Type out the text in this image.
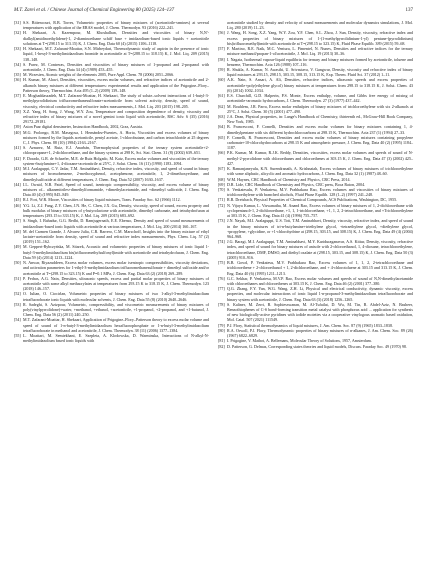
M.T. Zarei et al. / Chinese Journal of Chemical Engineering 80 (2025) 124–137	137

[31] S.S. Bittencourt, R.B. Torres, Volumetric properties of binary mixtures of (acetonitrile+amines) at several temperatures with application of the ERAS model, J. Chem. Thermodyn. 93 (2016) 222–241.

[32] H. Shekaari, A. Kazempour, M. Khoshalhan, Densities and viscosities of binary N,N′-dialkyl(amidinoethylidene)-1, 2-diaminoethane schiff base + imidazolium-based ionic liquids + acetonitrile solutions at T=(298.15 to 313.15) K, J. Chem. Eng. Data 60 (4) (2015) 1106–1118.

[33] H. Shekaari, M.T. Zafarani-Moattar, S.N. Mirheydari, Thermodynamic study of aspirin in the presence of ionic liquid, 1-hexyl-3-methylimidazolium bromide in acetonitrile at T=(288.15 to 318.15) K, J. Mol. Liq. 209 (2015) 138–148.

[34] S. Parez, M. Contreras, Densities and viscosities of binary mixtures of 1-propanol and 2-propanol with acetonitrile, J. Chem. Eng. Data 34 (4) (1989) 453–455.

[35] M. Wrzesien, Atomic weights of the elements 2005, Pure Appl. Chem. 78 (2006) 2051–2066.

[36] H. Kumar, M. Alawi, Densities, viscosities, excess molar volumes, and refractive indices of acetonitrile and 2-alkanols binary mixtures at different temperatures: experimental results and application of the Prigogine–Flory–Patterson theory, Thermochim. Acta 495 (1–2) (2009) 139–148.

[37] E. Moghaddaszadeh, M.T. Zafarani-Moattar, H. Shekaari, The study of solute–solvent interactions of 1-butyl-3-methylpyrrolidinium trifluoromethanesulfonate+acetonitrile from solvent activity, density, speed of sound, viscosity, electrical conductivity and refractive index measurements, J. Mol. Liq. 203 (2015) 198–205.

[38] X.Z. Yang, H. Song, J. Wang, W.Y. Zou, Temperature and composition dependence of density, viscosity and refractive index of binary mixtures of a novel gemini ionic liquid with acetonitrile, RSC Adv. 6 (35) (2016) 29172–29181.

[39] Aston Paar digital densimeter, Instruction Handbook, 2002, Graz, Austria.

[40] M.G. Prolongo, R.M. Masegosa, I. Hernández-Fuentes, A. Horta, Viscosities and excess volumes of binary mixtures formed by the liquids acetonitrile, pentyl acetate, 1-chlorobutane, and carbon tetrachloride at 25 degrees C, J. Phys. Chem. 88 (10) (1984) 2163–2167.

[41] S. Aznarez, M. Ruiz, E.J. Anarbán, Thermophysical properties of the ternary system acetonitrile+2-chloropropane+1, 2-dichloroethane, and the binary systems at 298 K, Sci. Stat. Chem. 31 (8) (2002) 639–651.

[42] F. Dorado, G.R. de Schaefer, M.E. de Ruiz Holgado, M. Katz, Excess molar volumes and viscosities of the ternary system+butylamine+1, 4-dioxane+acetonitrile at 25°C, J. Solut. Chem. 16 (11) (1990) 1183–1094.

[43] M.I. Aralaguppi, C.V. Jadar, T.M. Aminabhavi, Density, refractive index, viscosity, and speed of sound in binary mixtures of bromobenzene, 2-methoxyphenol, acetophenone, acetonitrile, 1, 2-dimethoxyethane, and dimethylsulfoxide at different temperatures, J. Chem. Eng. Data 52 (2007) 1630–1637.

[44] I.L. Owaid, N.B. Patel, Speed of sound, isentropic compressibility, viscosity, and excess volume of binary mixtures of... alkanenitriles+dimethylformamide, +dimethylacetamide, and +dimethyl sulfoxide, J. Chem. Eng. Data 40 (4) (1995) 845–849.

[45] R.J. Fort, W.R. Moore, Viscosities of binary liquid mixtures, Trans. Faraday Soc. 62 (1966) 1112.

[46] Y.G. Li, Z.J. Fang, Z.Y. Chen, J.N. He, C. Chen, J.X. Gu, Density, viscosity, speed of sound, excess property and bulk modulus of binary mixtures of γ-butyrolactone with acetonitrile, dimethyl carbonate, and tetrahydrofuran at temperatures (293.15 to 333.15) K, J. Mol. Liq. 209 (2015) 683–692.

[47] S. Singh, I. Bahadur, G.G. Redhi, D. Ramjugernath, E.E. Ebenso, Density and speed of sound measurements of imidazolium-based ionic liquids with acetonitrile at various temperatures, J. Mol. Liq. 200 (2014) 160–167.

[48] M. del Carmen Grande, J. Alvarez Julia, C.R. Barrero, C.M. Marschoff, Insights into the binary mixture of ethyl lactate+acetonitrile from density, speed of sound and refractive index measurements, Phys. Chem. Liq. 57 (2) (2019) 151–162.

[49] M. Geppert-Rybczyńska, M. Sitarek, Acoustic and volumetric properties of binary mixtures of ionic liquid 1-butyl-3-methylimidazolium bis(trifluoromethylsulfonyl)imide with acetonitrile and tetrahydrofuran, J. Chem. Eng. Data 59 (4) (2014) 1213–1224.

[50] N. Anwar, Riyazuddeen, Excess molar volumes, excess molar isentropic compressibilities, viscosity deviations, and activation parameters for 1-ethyl-3-methylimidazolium trifluoromethanesulfonate + dimethyl sulfoxide and/or acetonitrile at T=(298.15 to 323.15) K and P=0.1 MPa, J. Chem. Eng. Data 63 (2) (2018) 269–289.

[51] P. Fedras, A.G. Nain, Densities, ultrasonic speeds, excess and partial molar properties of binary mixtures of acetonitrile with some alkyl methacrylates at temperatures from 293.15 K to 318.15 K, J. Chem. Thermodyn. 123 (2018) 146–157.

[52] O. Iulian, O. Ciocirlan, Volumetric properties of binary mixtures of two 1-alkyl-3-methylimidazolium tetrafluoroborate ionic liquids with molecular solvents, J. Chem. Eng. Data 55 (8) (2010) 2640–2646.

[53] R. Sadeghi, S. Azizpour, Volumetric, compressibility, and viscometric measurements of binary mixtures of poly(vinylpyrrolidone)+water, +methanol, +ethanol, +acetonitrile, +1-propanol, +2-propanol, and +1-butanol, J. Chem. Eng. Data 56 (2) (2011) 240–250.

[54] M.T. Zafarani-Moattar, H. Shekaari, Application of Prigogine–Flory–Patterson theory to excess molar volume and speed of sound of 1-n-butyl-3-methylimidazolium hexafluorophosphate or 1-n-butyl-3-methylimidazolium tetrafluoroborate in methanol and acetonitrile, J. Chem. Thermodyn. 38 (11) (2006) 1377–1384.

[55] L. Moattari, M. Semiekhani, E. Szepleta, A. Klodowska, D. Warminska, Interactions of N-alkyl-N-methylimidazolium based ionic liquids with

acetonitrile studied by density and velocity of sound measurements and molecular dynamics simulations, J. Mol. Liq. 280 (2019) 11–23.

[56] J. Wang, H. Song, X.Z. Yang, W.Y. Zou, Y.F. Chen, S.L. Zhou, J. Sun, Density, viscosity, refractive index and excess properties of binary mixtures of 1-(1-methylpyrrolidinium-1-yl) pentane-(pyrrolidinium) bis(trifluoromethyl)imide with acetonitrile at T=(298.15 to 323.15) K, Fluid Phase Equilib. 389 (2015) 59–68.

[57] F. Martino, R.E. Naik, M.C. Ventura, L. Pimentel, N. Nunes, Densities and refractive indices for the ternary mixture methanol/propan-1-ol/acetonitrile, J. Mol. Liq. 19 (2013) 30–36.

[58] I. Nagata, Isothermal vapour-liquid equilibria for ternary and binary mixtures formed by acetonitrile, toluene and benzene, Thermochim. Acta 126 (1988) 107–116.

[59] R. Shukla, A. Kumar, N. Awasthi, U. Srivastava, V. Gangwar, Density, viscosity and refractive index of binary liquid mixtures at 293.15, 298.15, 303.15, 308.15, 313.15 K, Exp. Therm. Fluid Sci. 37 (2012) 1–11.

[60] A.K. Nain, S. Ansari, A. Ali, Densities, refractive indices, ultrasonic speeds and excess properties of acetonitrile+poly(ethylene glycol) binary mixtures at temperatures from 298.15 to 318.15 K, J. Solut. Chem. 43 (6) (2014) 1002–1034.

[61] E.S. Churchill, G.D. Halperin, P.S. Monte, Excess enthalpy, volume, and Gibbs free energy of mixing of acetonitrile+aromatic hydrocarbons, J. Chem. Thermodyn. 27 (3) (1977) 437–442.

[62] M. Bouhlem, J.R. Parra, Excess molar enthalpies of binary mixtures of trichloroethylene with six 2-alkanols at 25°C, J. Solut. Chem. 30 (5) (2001) 477–490.

[63] J.A. Dean, Physical properties, in: Lange's Handbook of Chemistry, thirteenth ed., McGraw-Hill Book Company, New York, 1985.

[64] B. Francesconi, F. Comelli, Densities and excess molar volumes for binary mixtures containing 1, 4-dimethylpentane with six different hydrochlorocarbons at 298.15 K, Thermochim. Acta 237 (1) (1994) 27–33.

[65] F. Comelli, R. Francesconi, Densities and excess molar volumes of binary mixtures containing propylene carbonate+10-chlorohydrocarbons at 298.15 K and atmospheric pressure, J. Chem. Eng. Data 40 (2) (1995) 1184–1187.

[66] P.K. Kumar, M. Kumar, R.J.K. Reddy, Densities, viscosities, excess molar volumes and speeds of sound of N-methyl-2-pyrrolidone with chloroethanes and chloroethenes at 303.15 K, J. Chem. Eng. Data 47 (3) (2002) 425–427.

[67] K. Ramanjaneyulu, K.N. Surendranath, A. Krishnaiah, Excess volumes of binary mixtures of trichloroethylene with some aliphatic, alicyclic and aromatic hydrocarbons, J. Chem. Eng. Data 32 (1) (1987) 48–60.

[68] W.M. Haynes, CRC Handbook of Chemistry and Physics, CRC Press, 2014.

[69] D.R. Lide, CRC Handbook of Chemistry and Physics, CRC press, Boca Raton, 2004.

[70] S. Venkatesulu, P. Venkatesu, M.V. Prabhakara Rao, Excess volumes and viscosities of binary mixtures of trichloroethylene with branched alcohols, Fluid Phase Equilib. 128 (1–2) (1997) 241–248.

[71] R.R. Dreisbach, Physical Properties of Chemical Compounds, ACS Publications, Washington, DC, 1955.

[72] N. Vijaya Kumar, L. Viswanatha, M. Anand Rao, Excess volumes of binary mixtures of 1, 2-dichloroethane with cyclopentanol+1, 2-dichloroethane, +1, 1, 1-trichloroethane, +1, 1, 2, 2-tetrachloroethane, and +Trichloroethylene at 303.15 K, J. Chem. Eng. Data 41 (4) (1996) 755–757.

[73] J.N. Nayak, M.I. Aralaguppi, U.S. Toti, T.M. Aminabhavi, Density, viscosity, refractive index, and speed of sound in the binary mixtures of tri-n-butylamine+triethylene glycol, +tetraethylene glycol, +diethylene glycol, +propylene, +glycidine, or +1-chlorohydrine at (298.15, 303.15, and 308.15) K, J. Chem. Eng. Data 49 (4) (2004) 964–968.

[74] J.G. Baragi, M.I. Aralaguppi, T.M. Aminabhavi, M.Y. Kariduraganavar, A.S. Kittur, Density, viscosity, refractive index, and speed of sound for binary mixtures of anisole with 2-chloroethanol, 1, 4-dioxane, tetrachloroethylene, tetrachloroethane, DMF, DMSO, and diethyl oxalate at (298.15, 303.15, and 308.15) K, J. Chem. Eng. Data 50 (3) (2005) 910–916.

[75] B.B. Gowd, P. Venkatesu, M.V. Prabhakara Rao, Excess volumes of 1, 1, 2, 2-tetrachloroethane and trichloroethene + 2-chloroethanol + 1, 2-dichloroethane, and + 4-chlorotoluene at 303.15 and 313.15 K, J. Chem. Eng. Data 40 (6) (1995) 1211–1213.

[76] G.C. Sekhar, P. Venkatesu, M.V.P. Rao, Excess molar volumes and speeds of sound of N,N-dimethylacetamide with chloroethanes and chloroethenes at 303.15 K, J. Chem. Eng. Data 46 (2) (2001) 377–380.

[77] Q.G. Zhang, F.Y. Yan, W.G. Wang, Z.H. Li, Physical and electrical conductivity, dynamic viscosity, excess properties, and molecular interactions of ionic liquid 1-n-propanol-3-methylimidazolium tetrafluoroborate and binary system with acetonitrile, J. Chem. Eng. Data 63 (3) (2018) 1256–1265.

[78] S. Kaliner, M. Zerri, B. Sophiesswanan, M. Al-Tufailat, D. Wu, M. Tin, R. Abdel-Aziz, N. Basheer, Benzothiophenes of C-S bond-forming transition metal catalyst with phosphorus acid ... application for synthesis of new biologically-active pyridines with iodide moieties via a cooperative vinylogous aromatic based oxidation, Mol. Catal. 507 (2021) 111549.

[79] P.J. Flory, Statistical thermodynamics of liquid mixtures, J. Am. Chem. Soc. 87 (9) (1965) 1833–1838.

[80] R.A. Orwoll, P.J. Flory, Thermodynamic properties of binary mixtures of n-alkanes, J. Am. Chem. Soc. 89 (26) (1967) 6822–6829.

[81] I. Prigogine, V. Mathot, A. Bellemans, Molecular Theory of Solutions, 1957, Amsterdam.

[82] D. Patterson, G. Delmas, Corresponding states theories and liquid models, Discuss. Faraday Soc. 49 (1970) 98.
